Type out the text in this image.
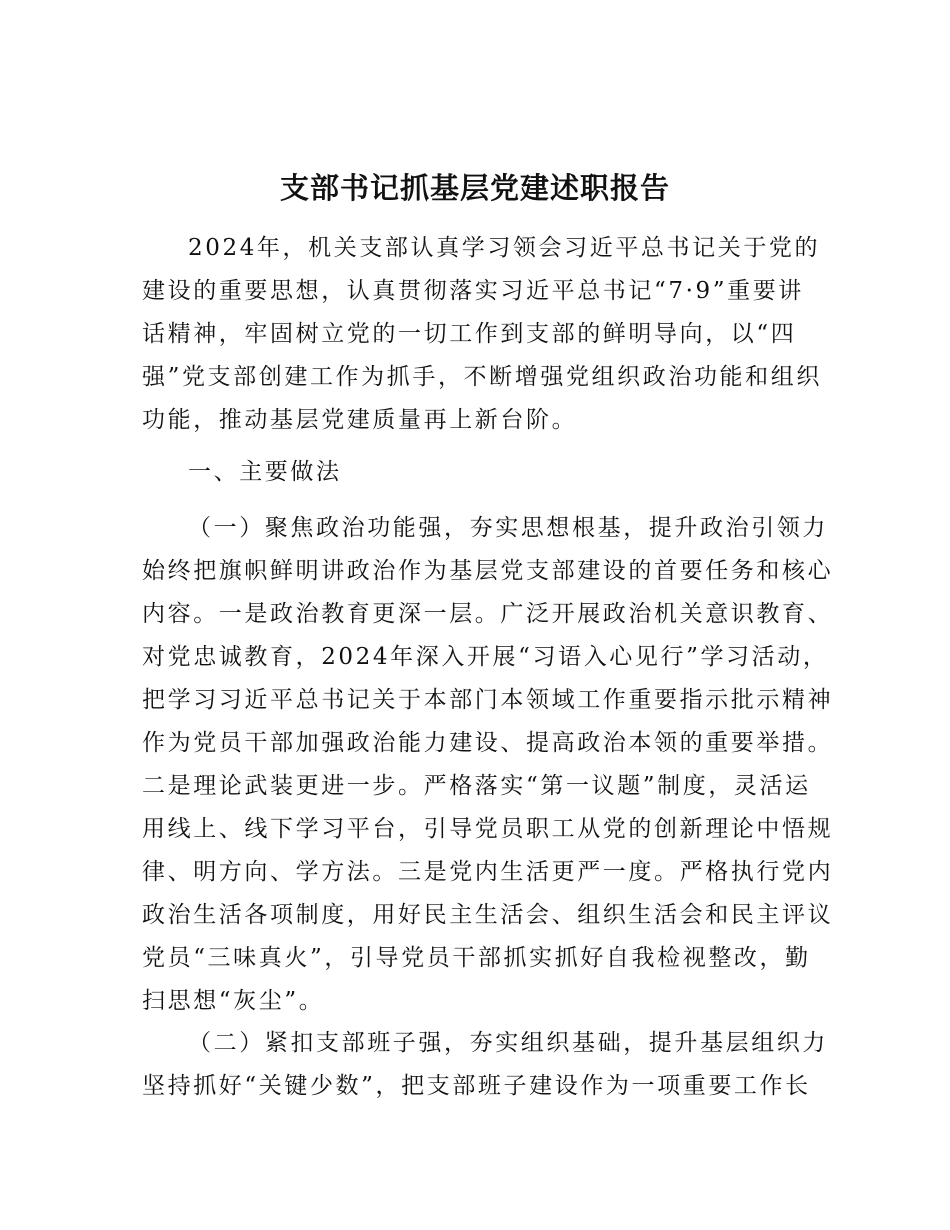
支部书记抓基层党建述职报告
2024年，机关支部认真学习领会习近平总书记关于党的
建设的重要思想，认真贯彻落实习近平总书记“7·9”重要讲
话精神，牢固树立党的一切工作到支部的鲜明导向，以“四
强”党支部创建工作为抓手，不断增强党组织政治功能和组织
功能，推动基层党建质量再上新台阶。
一、主要做法
（一）聚焦政治功能强，夯实思想根基，提升政治引领力
始终把旗帜鲜明讲政治作为基层党支部建设的首要任务和核心
内容。一是政治教育更深一层。广泛开展政治机关意识教育、
对党忠诚教育，2024年深入开展“习语入心见行”学习活动，
把学习习近平总书记关于本部门本领域工作重要指示批示精神
作为党员干部加强政治能力建设、提高政治本领的重要举措。
二是理论武装更进一步。严格落实“第一议题”制度，灵活运
用线上、线下学习平台，引导党员职工从党的创新理论中悟规
律、明方向、学方法。三是党内生活更严一度。严格执行党内
政治生活各项制度，用好民主生活会、组织生活会和民主评议
党员“三味真火”，引导党员干部抓实抓好自我检视整改，勤
扫思想“灰尘”。
（二）紧扣支部班子强，夯实组织基础，提升基层组织力
坚持抓好“关键少数”，把支部班子建设作为一项重要工作长
